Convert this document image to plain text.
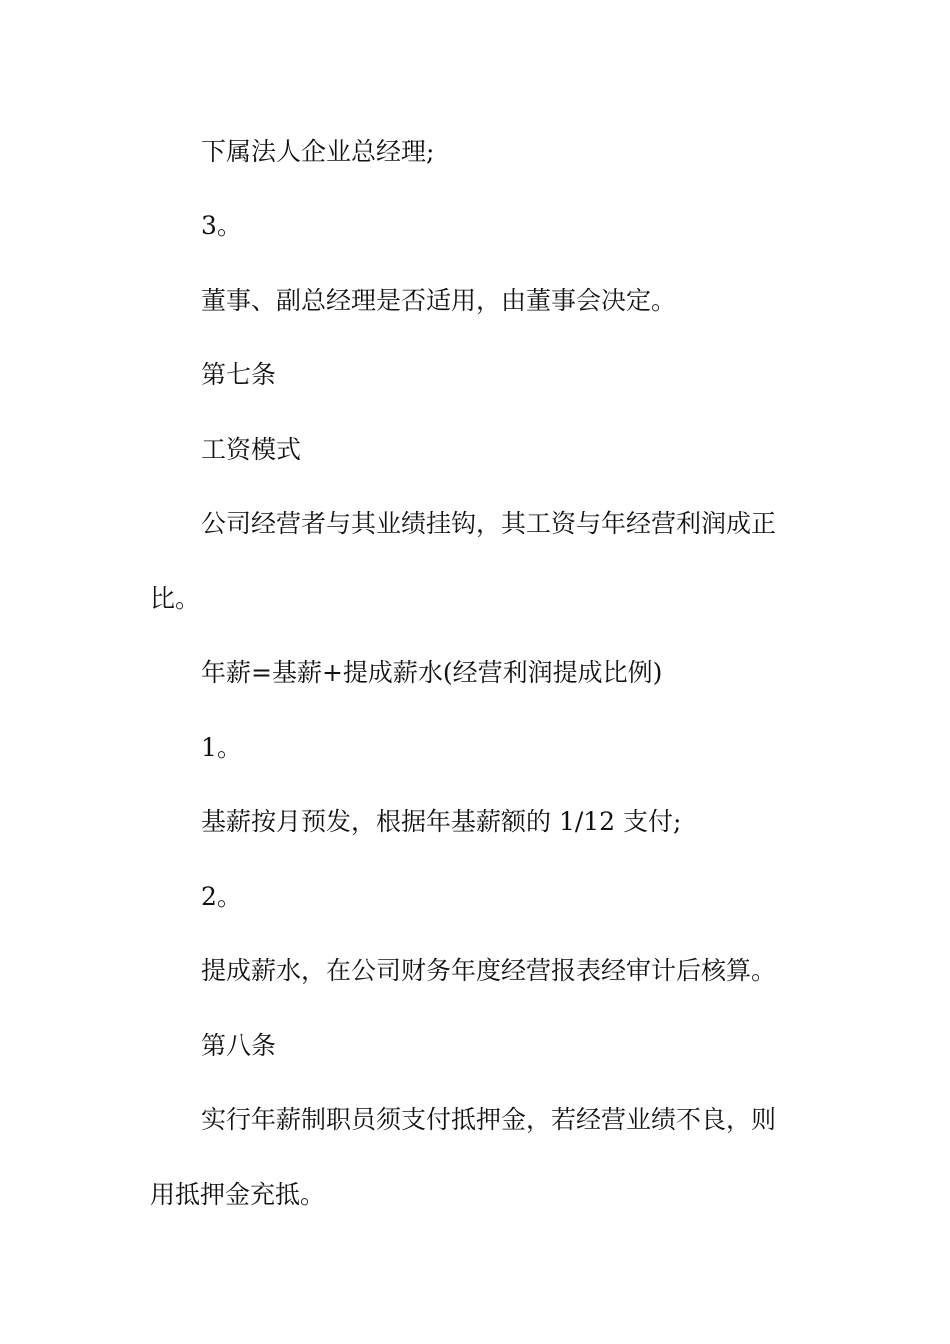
下属法人企业总经理;
3。
董事、副总经理是否适用，由董事会决定。
第七条
工资模式
公司经营者与其业绩挂钩，其工资与年经营利润成正
比。
年薪=基薪+提成薪水(经营利润提成比例)
1。
基薪按月预发，根据年基薪额的 1/12 支付;
2。
提成薪水，在公司财务年度经营报表经审计后核算。
第八条
实行年薪制职员须支付抵押金，若经营业绩不良，则
用抵押金充抵。
